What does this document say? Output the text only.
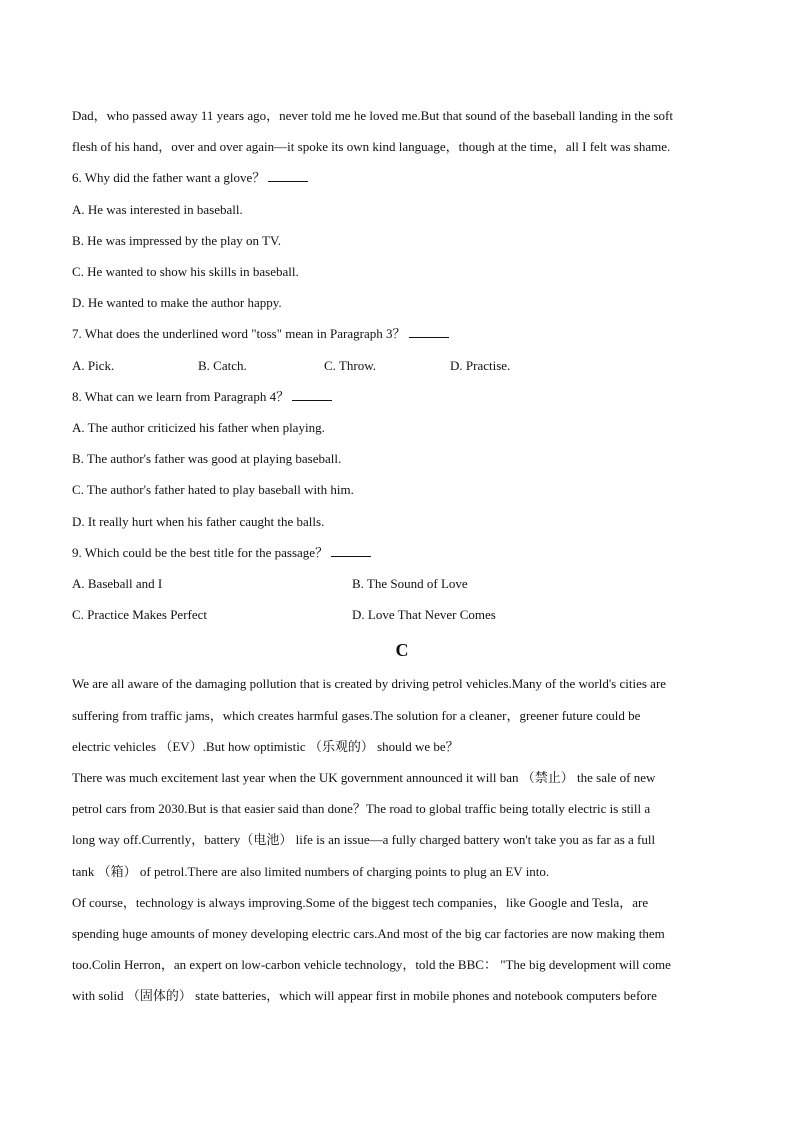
Dad，who passed away 11 years ago，never told me he loved me.But that sound of the baseball landing in the soft
flesh of his hand，over and over again—it spoke its own kind language，though at the time，all I felt was shame.
6. Why did the father want a glove？
A. He was interested in baseball.
B. He was impressed by the play on TV.
C. He wanted to show his skills in baseball.
D. He wanted to make the author happy.
7. What does the underlined word "toss" mean in Paragraph 3？
A. Pick.	B. Catch.	C. Throw.	D. Practise.
8. What can we learn from Paragraph 4？
A. The author criticized his father when playing.
B. The author's father was good at playing baseball.
C. The author's father hated to play baseball with him.
D. It really hurt when his father caught the balls.
9. Which could be the best title for the passage？
A. Baseball and I	B. The Sound of Love
C. Practice Makes Perfect	D. Love That Never Comes
C
We are all aware of the damaging pollution that is created by driving petrol vehicles.Many of the world's cities are
suffering from traffic jams，which creates harmful gases.The solution for a cleaner，greener future could be
electric vehicles （EV）.But how optimistic （乐观的） should we be？
There was much excitement last year when the UK government announced it will ban （禁止） the sale of new
petrol cars from 2030.But is that easier said than done？The road to global traffic being totally electric is still a
long way off.Currently，battery（电池） life is an issue—a fully charged battery won't take you as far as a full
tank （箱） of petrol.There are also limited numbers of charging points to plug an EV into.
Of course，technology is always improving.Some of the biggest tech companies，like Google and Tesla，are
spending huge amounts of money developing electric cars.And most of the big car factories are now making them
too.Colin Herron，an expert on low-carbon vehicle technology，told the BBC： "The big development will come
with solid （固体的） state batteries，which will appear first in mobile phones and notebook computers before
